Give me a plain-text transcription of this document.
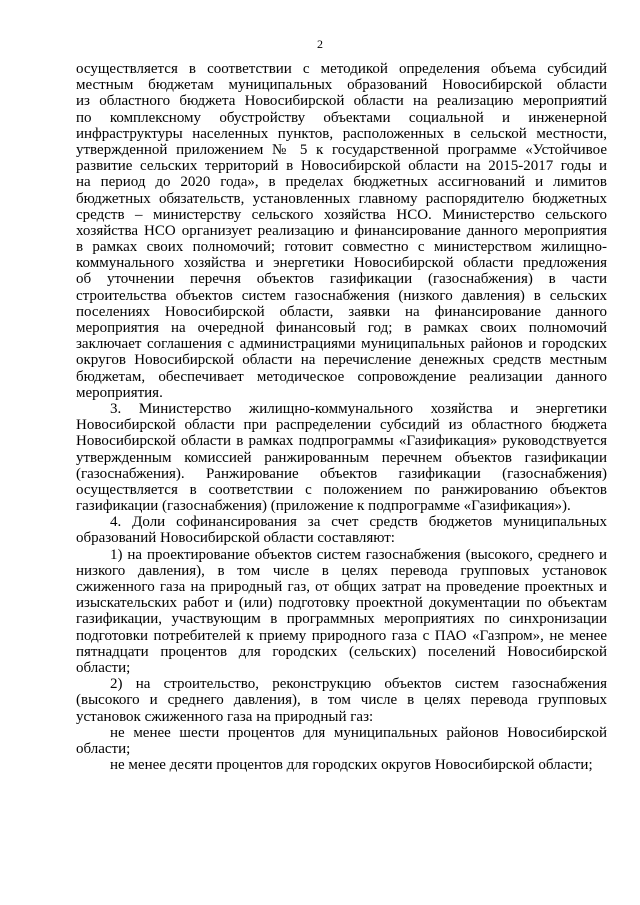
2
осуществляется в соответствии с методикой определения объема субсидий
местным бюджетам муниципальных образований Новосибирской области
из областного бюджета Новосибирской области на реализацию мероприятий
по комплексному обустройству объектами социальной и инженерной
инфраструктуры населенных пунктов, расположенных в сельской местности,
утвержденной приложением № 5 к государственной программе «Устойчивое
развитие сельских территорий в Новосибирской области на 2015-2017 годы и
на период до 2020 года», в пределах бюджетных ассигнований и лимитов
бюджетных обязательств, установленных главному распорядителю бюджетных
средств – министерству сельского хозяйства НСО. Министерство сельского
хозяйства НСО организует реализацию и финансирование данного мероприятия
в рамках своих полномочий; готовит совместно с министерством жилищно-
коммунального хозяйства и энергетики Новосибирской области предложения
об уточнении перечня объектов газификации (газоснабжения) в части
строительства объектов систем газоснабжения (низкого давления) в сельских
поселениях Новосибирской области, заявки на финансирование данного
мероприятия на очередной финансовый год; в рамках своих полномочий
заключает соглашения с администрациями муниципальных районов и городских
округов Новосибирской области на перечисление денежных средств местным
бюджетам, обеспечивает методическое сопровождение реализации данного
мероприятия.
3. Министерство жилищно-коммунального хозяйства и энергетики
Новосибирской области при распределении субсидий из областного бюджета
Новосибирской области в рамках подпрограммы «Газификация» руководствуется
утвержденным комиссией ранжированным перечнем объектов газификации
(газоснабжения). Ранжирование объектов газификации (газоснабжения)
осуществляется в соответствии с положением по ранжированию объектов
газификации (газоснабжения) (приложение к подпрограмме «Газификация»).
4. Доли софинансирования за счет средств бюджетов муниципальных
образований Новосибирской области составляют:
1) на проектирование объектов систем газоснабжения (высокого, среднего и
низкого давления), в том числе в целях перевода групповых установок
сжиженного газа на природный газ, от общих затрат на проведение проектных и
изыскательских работ и (или) подготовку проектной документации по объектам
газификации, участвующим в программных мероприятиях по синхронизации
подготовки потребителей к приему природного газа с ПАО «Газпром», не менее
пятнадцати процентов для городских (сельских) поселений Новосибирской
области;
2) на строительство, реконструкцию объектов систем газоснабжения
(высокого и среднего давления), в том числе в целях перевода групповых
установок сжиженного газа на природный газ:
не менее шести процентов для муниципальных районов Новосибирской
области;
не менее десяти процентов для городских округов Новосибирской области;
